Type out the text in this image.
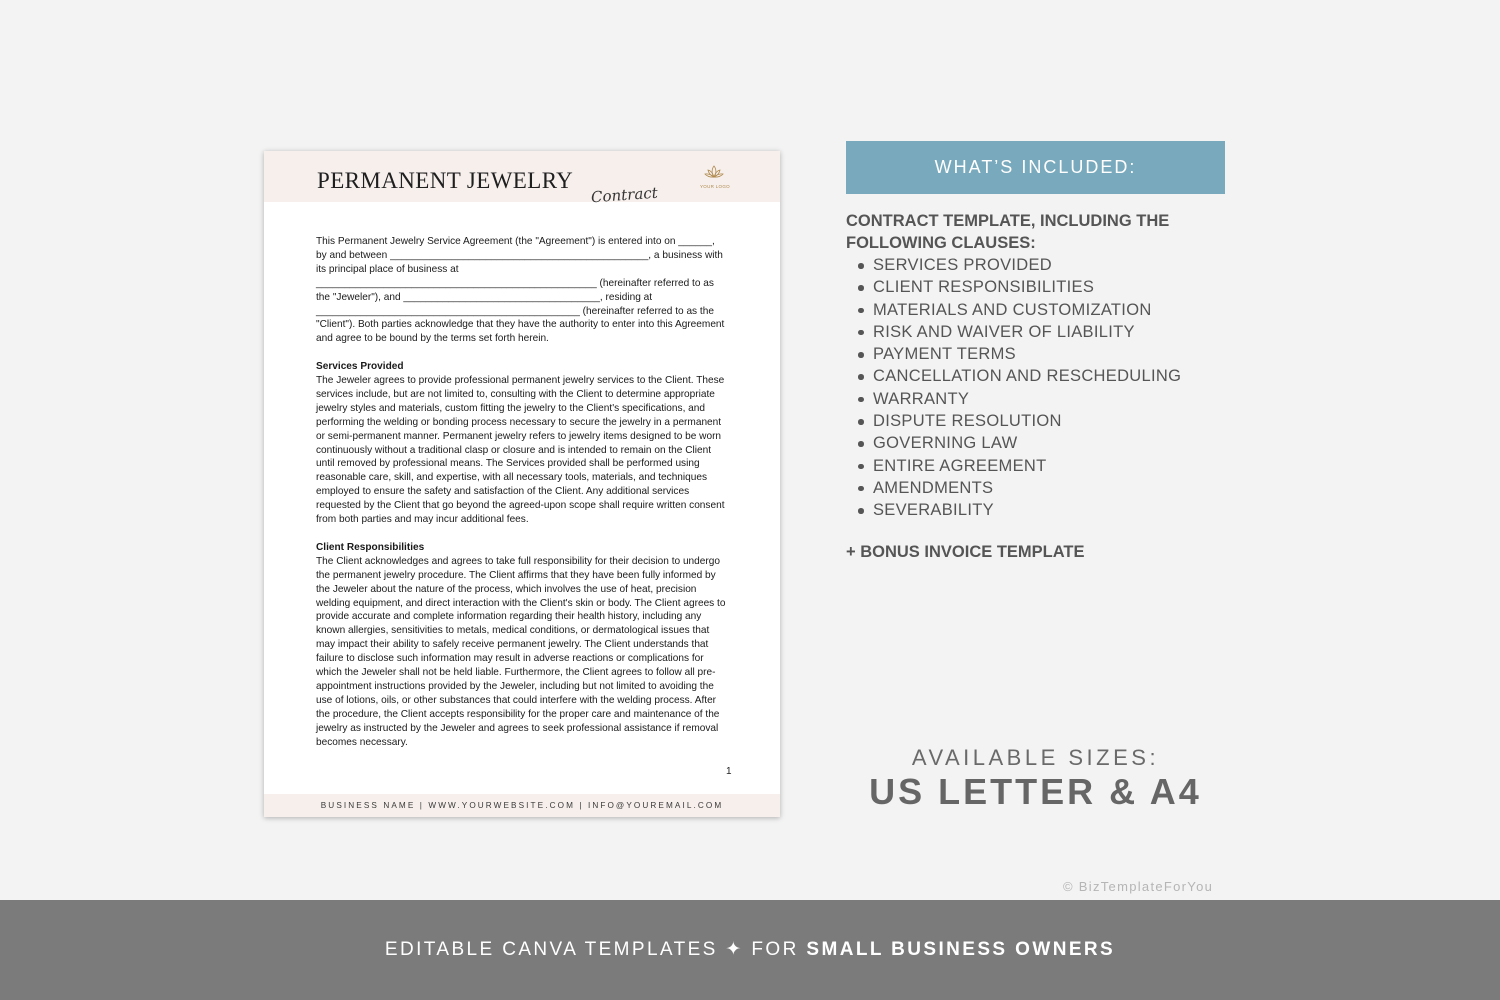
PERMANENT JEWELRY
Contract	YOUR LOGO

This Permanent Jewelry Service Agreement (the "Agreement") is entered into on ______, by and between ______________________________________________, a business with its principal place of business at __________________________________________________ (hereinafter referred to as the "Jeweler"), and ___________________________________, residing at _______________________________________________ (hereinafter referred to as the "Client"). Both parties acknowledge that they have the authority to enter into this Agreement and agree to be bound by the terms set forth herein.

Services Provided

The Jeweler agrees to provide professional permanent jewelry services to the Client. These services include, but are not limited to, consulting with the Client to determine appropriate jewelry styles and materials, custom fitting the jewelry to the Client's specifications, and performing the welding or bonding process necessary to secure the jewelry in a permanent or semi-permanent manner. Permanent jewelry refers to jewelry items designed to be worn continuously without a traditional clasp or closure and is intended to remain on the Client until removed by professional means. The Services provided shall be performed using reasonable care, skill, and expertise, with all necessary tools, materials, and techniques employed to ensure the safety and satisfaction of the Client. Any additional services requested by the Client that go beyond the agreed-upon scope shall require written consent from both parties and may incur additional fees.

Client Responsibilities

The Client acknowledges and agrees to take full responsibility for their decision to undergo the permanent jewelry procedure. The Client affirms that they have been fully informed by the Jeweler about the nature of the process, which involves the use of heat, precision welding equipment, and direct interaction with the Client's skin or body. The Client agrees to provide accurate and complete information regarding their health history, including any known allergies, sensitivities to metals, medical conditions, or dermatological issues that may impact their ability to safely receive permanent jewelry. The Client understands that failure to disclose such information may result in adverse reactions or complications for which the Jeweler shall not be held liable. Furthermore, the Client agrees to follow all pre-appointment instructions provided by the Jeweler, including but not limited to avoiding the use of lotions, oils, or other substances that could interfere with the welding process. After the procedure, the Client accepts responsibility for the proper care and maintenance of the jewelry as instructed by the Jeweler and agrees to seek professional assistance if removal becomes necessary.

1
BUSINESS NAME | WWW.YOURWEBSITE.COM | INFO@YOUREMAIL.COM
WHAT’S INCLUDED:
CONTRACT TEMPLATE, INCLUDING THE FOLLOWING CLAUSES:
SERVICES PROVIDED
CLIENT RESPONSIBILITIES
MATERIALS AND CUSTOMIZATION
RISK AND WAIVER OF LIABILITY
PAYMENT TERMS
CANCELLATION AND RESCHEDULING
WARRANTY
DISPUTE RESOLUTION
GOVERNING LAW
ENTIRE AGREEMENT
AMENDMENTS
SEVERABILITY
+ BONUS INVOICE TEMPLATE
AVAILABLE SIZES:
US LETTER & A4
© BizTemplateForYou
EDITABLE CANVA TEMPLATES ✦ FOR SMALL BUSINESS OWNERS
